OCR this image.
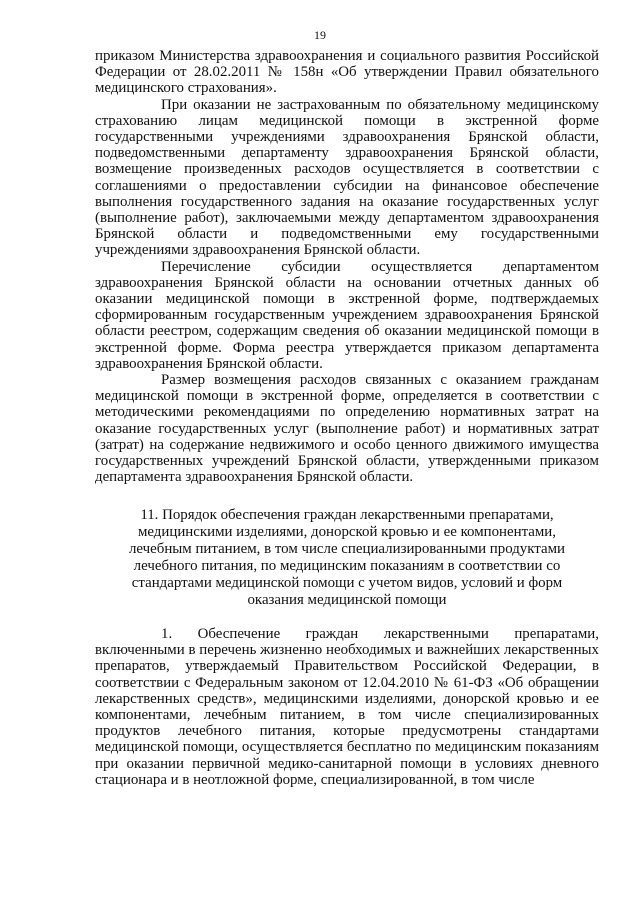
19

приказом Министерства здравоохранения и социального развития Российской Федерации от 28.02.2011 № 158н «Об утверждении Правил обязательного медицинского страхования».

При оказании не застрахованным по обязательному медицинскому страхованию лицам медицинской помощи в экстренной форме государственными учреждениями здравоохранения Брянской области, подведомственными департаменту здравоохранения Брянской области, возмещение произведенных расходов осуществляется в соответствии с соглашениями о предоставлении субсидии на финансовое обеспечение выполнения государственного задания на оказание государственных услуг (выполнение работ), заключаемыми между департаментом здравоохранения Брянской области и подведомственными ему государственными учреждениями здравоохранения Брянской области.

Перечисление субсидии осуществляется департаментом здравоохранения Брянской области на основании отчетных данных об оказании медицинской помощи в экстренной форме, подтверждаемых сформированным государственным учреждением здравоохранения Брянской области реестром, содержащим сведения об оказании медицинской помощи в экстренной форме. Форма реестра утверждается приказом департамента здравоохранения Брянской области.

Размер возмещения расходов связанных с оказанием гражданам медицинской помощи в экстренной форме, определяется в соответствии с методическими рекомендациями по определению нормативных затрат на оказание государственных услуг (выполнение работ) и нормативных затрат (затрат) на содержание недвижимого и особо ценного движимого имущества государственных учреждений Брянской области, утвержденными приказом департамента здравоохранения Брянской области.

11. Порядок обеспечения граждан лекарственными препаратами, медицинскими изделиями, донорской кровью и ее компонентами, лечебным питанием, в том числе специализированными продуктами лечебного питания, по медицинским показаниям в соответствии со стандартами медицинской помощи с учетом видов, условий и форм оказания медицинской помощи

1. Обеспечение граждан лекарственными препаратами, включенными в перечень жизненно необходимых и важнейших лекарственных препаратов, утверждаемый Правительством Российской Федерации, в соответствии с Федеральным законом от 12.04.2010 № 61-ФЗ «Об обращении лекарственных средств», медицинскими изделиями, донорской кровью и ее компонентами, лечебным питанием, в том числе специализированных продуктов лечебного питания, которые предусмотрены стандартами медицинской помощи, осуществляется бесплатно по медицинским показаниям при оказании первичной медико-санитарной помощи в условиях дневного стационара и в неотложной форме, специализированной, в том числе
